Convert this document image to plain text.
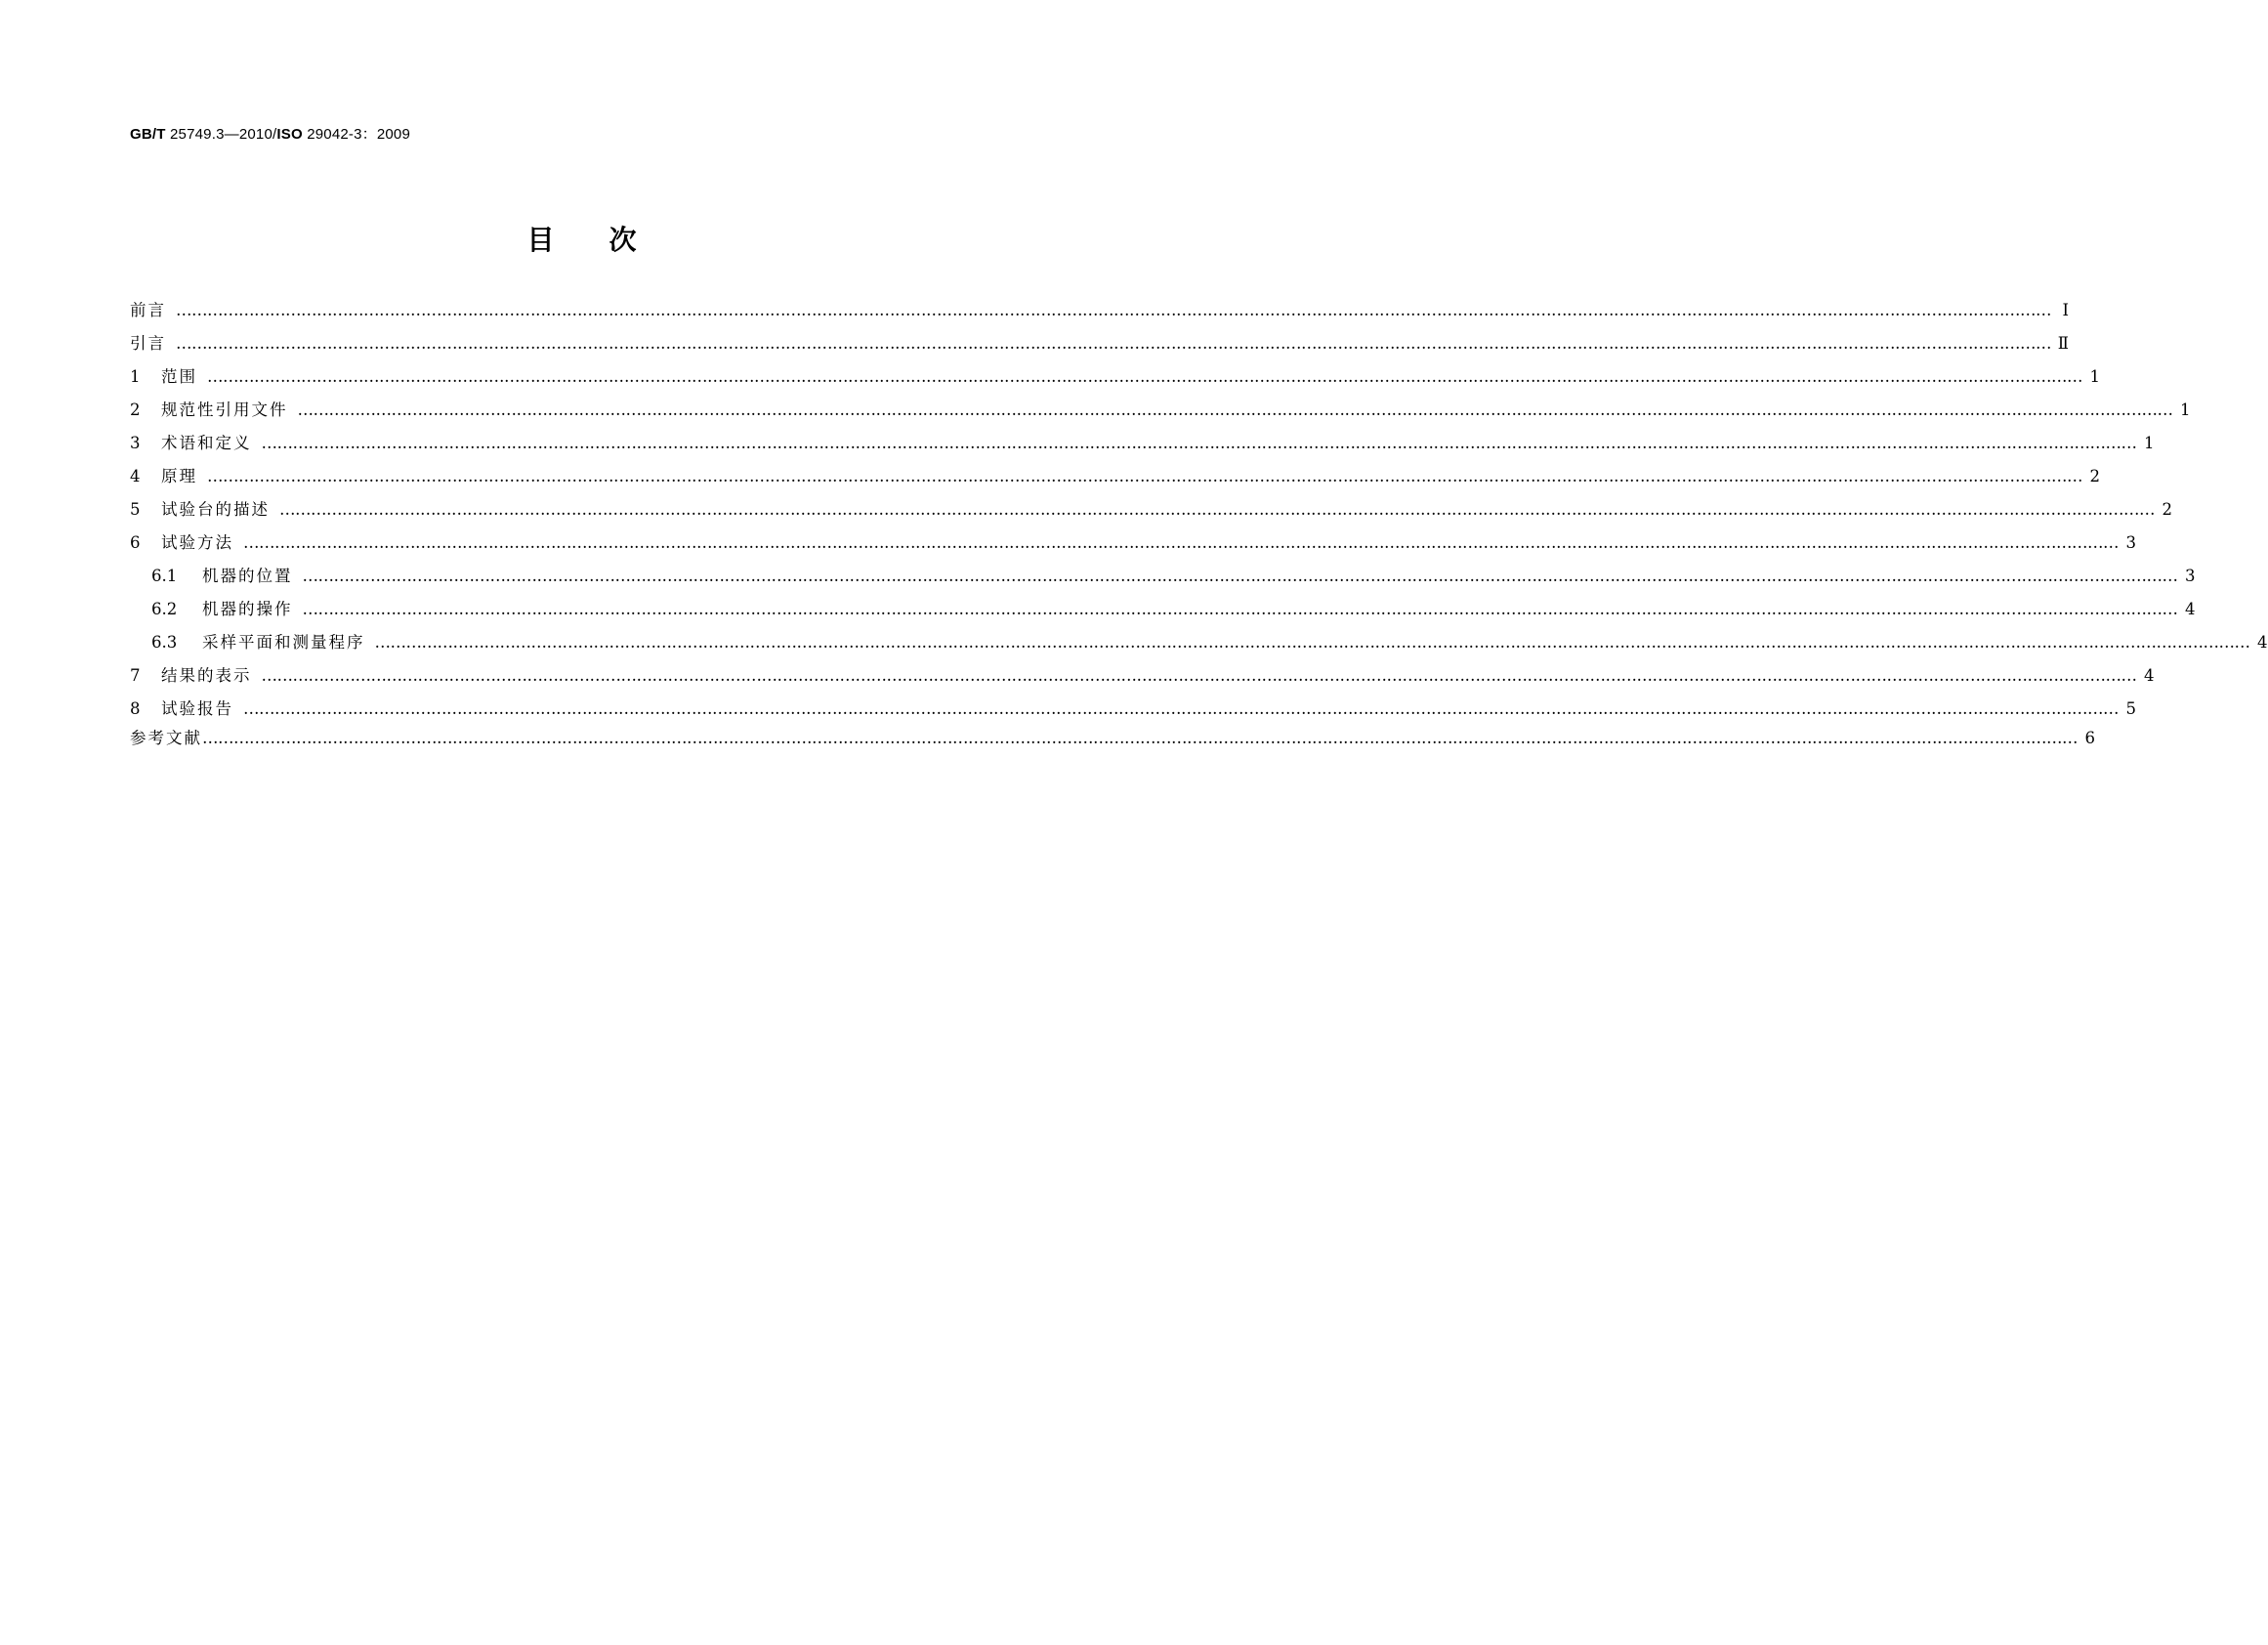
GB/T 25749.3—2010/ISO 29042-3：2009
目次
前言 ……………………………………………………………………………………………………………………………………………………………………………………………………………………………………………………………………………………………………………………………… Ⅰ
引言 ……………………………………………………………………………………………………………………………………………………………………………………………………………………………………………………………………………………………………………………………… Ⅱ
1	范围 ……………………………………………………………………………………………………………………………………………………………………………………………………………………………………………………………………………………………………………………………… 1
2	规范性引用文件 ……………………………………………………………………………………………………………………………………………………………………………………………………………………………………………………………………………………………………………………………… 1
3	术语和定义 ……………………………………………………………………………………………………………………………………………………………………………………………………………………………………………………………………………………………………………………………… 1
4	原理 ……………………………………………………………………………………………………………………………………………………………………………………………………………………………………………………………………………………………………………………………… 2
5	试验台的描述 ……………………………………………………………………………………………………………………………………………………………………………………………………………………………………………………………………………………………………………………………… 2
6	试验方法 ……………………………………………………………………………………………………………………………………………………………………………………………………………………………………………………………………………………………………………………………… 3
6.1	机器的位置 ……………………………………………………………………………………………………………………………………………………………………………………………………………………………………………………………………………………………………………………………… 3
6.2	机器的操作 ……………………………………………………………………………………………………………………………………………………………………………………………………………………………………………………………………………………………………………………………… 4
6.3	采样平面和测量程序 ……………………………………………………………………………………………………………………………………………………………………………………………………………………………………………………………………………………………………………………………… 4
7	结果的表示 ……………………………………………………………………………………………………………………………………………………………………………………………………………………………………………………………………………………………………………………………… 4
8	试验报告 ……………………………………………………………………………………………………………………………………………………………………………………………………………………………………………………………………………………………………………………………… 5
参考文献 ……………………………………………………………………………………………………………………………………………………………………………………………………………………………………………………………………………………………………………………………… 6
